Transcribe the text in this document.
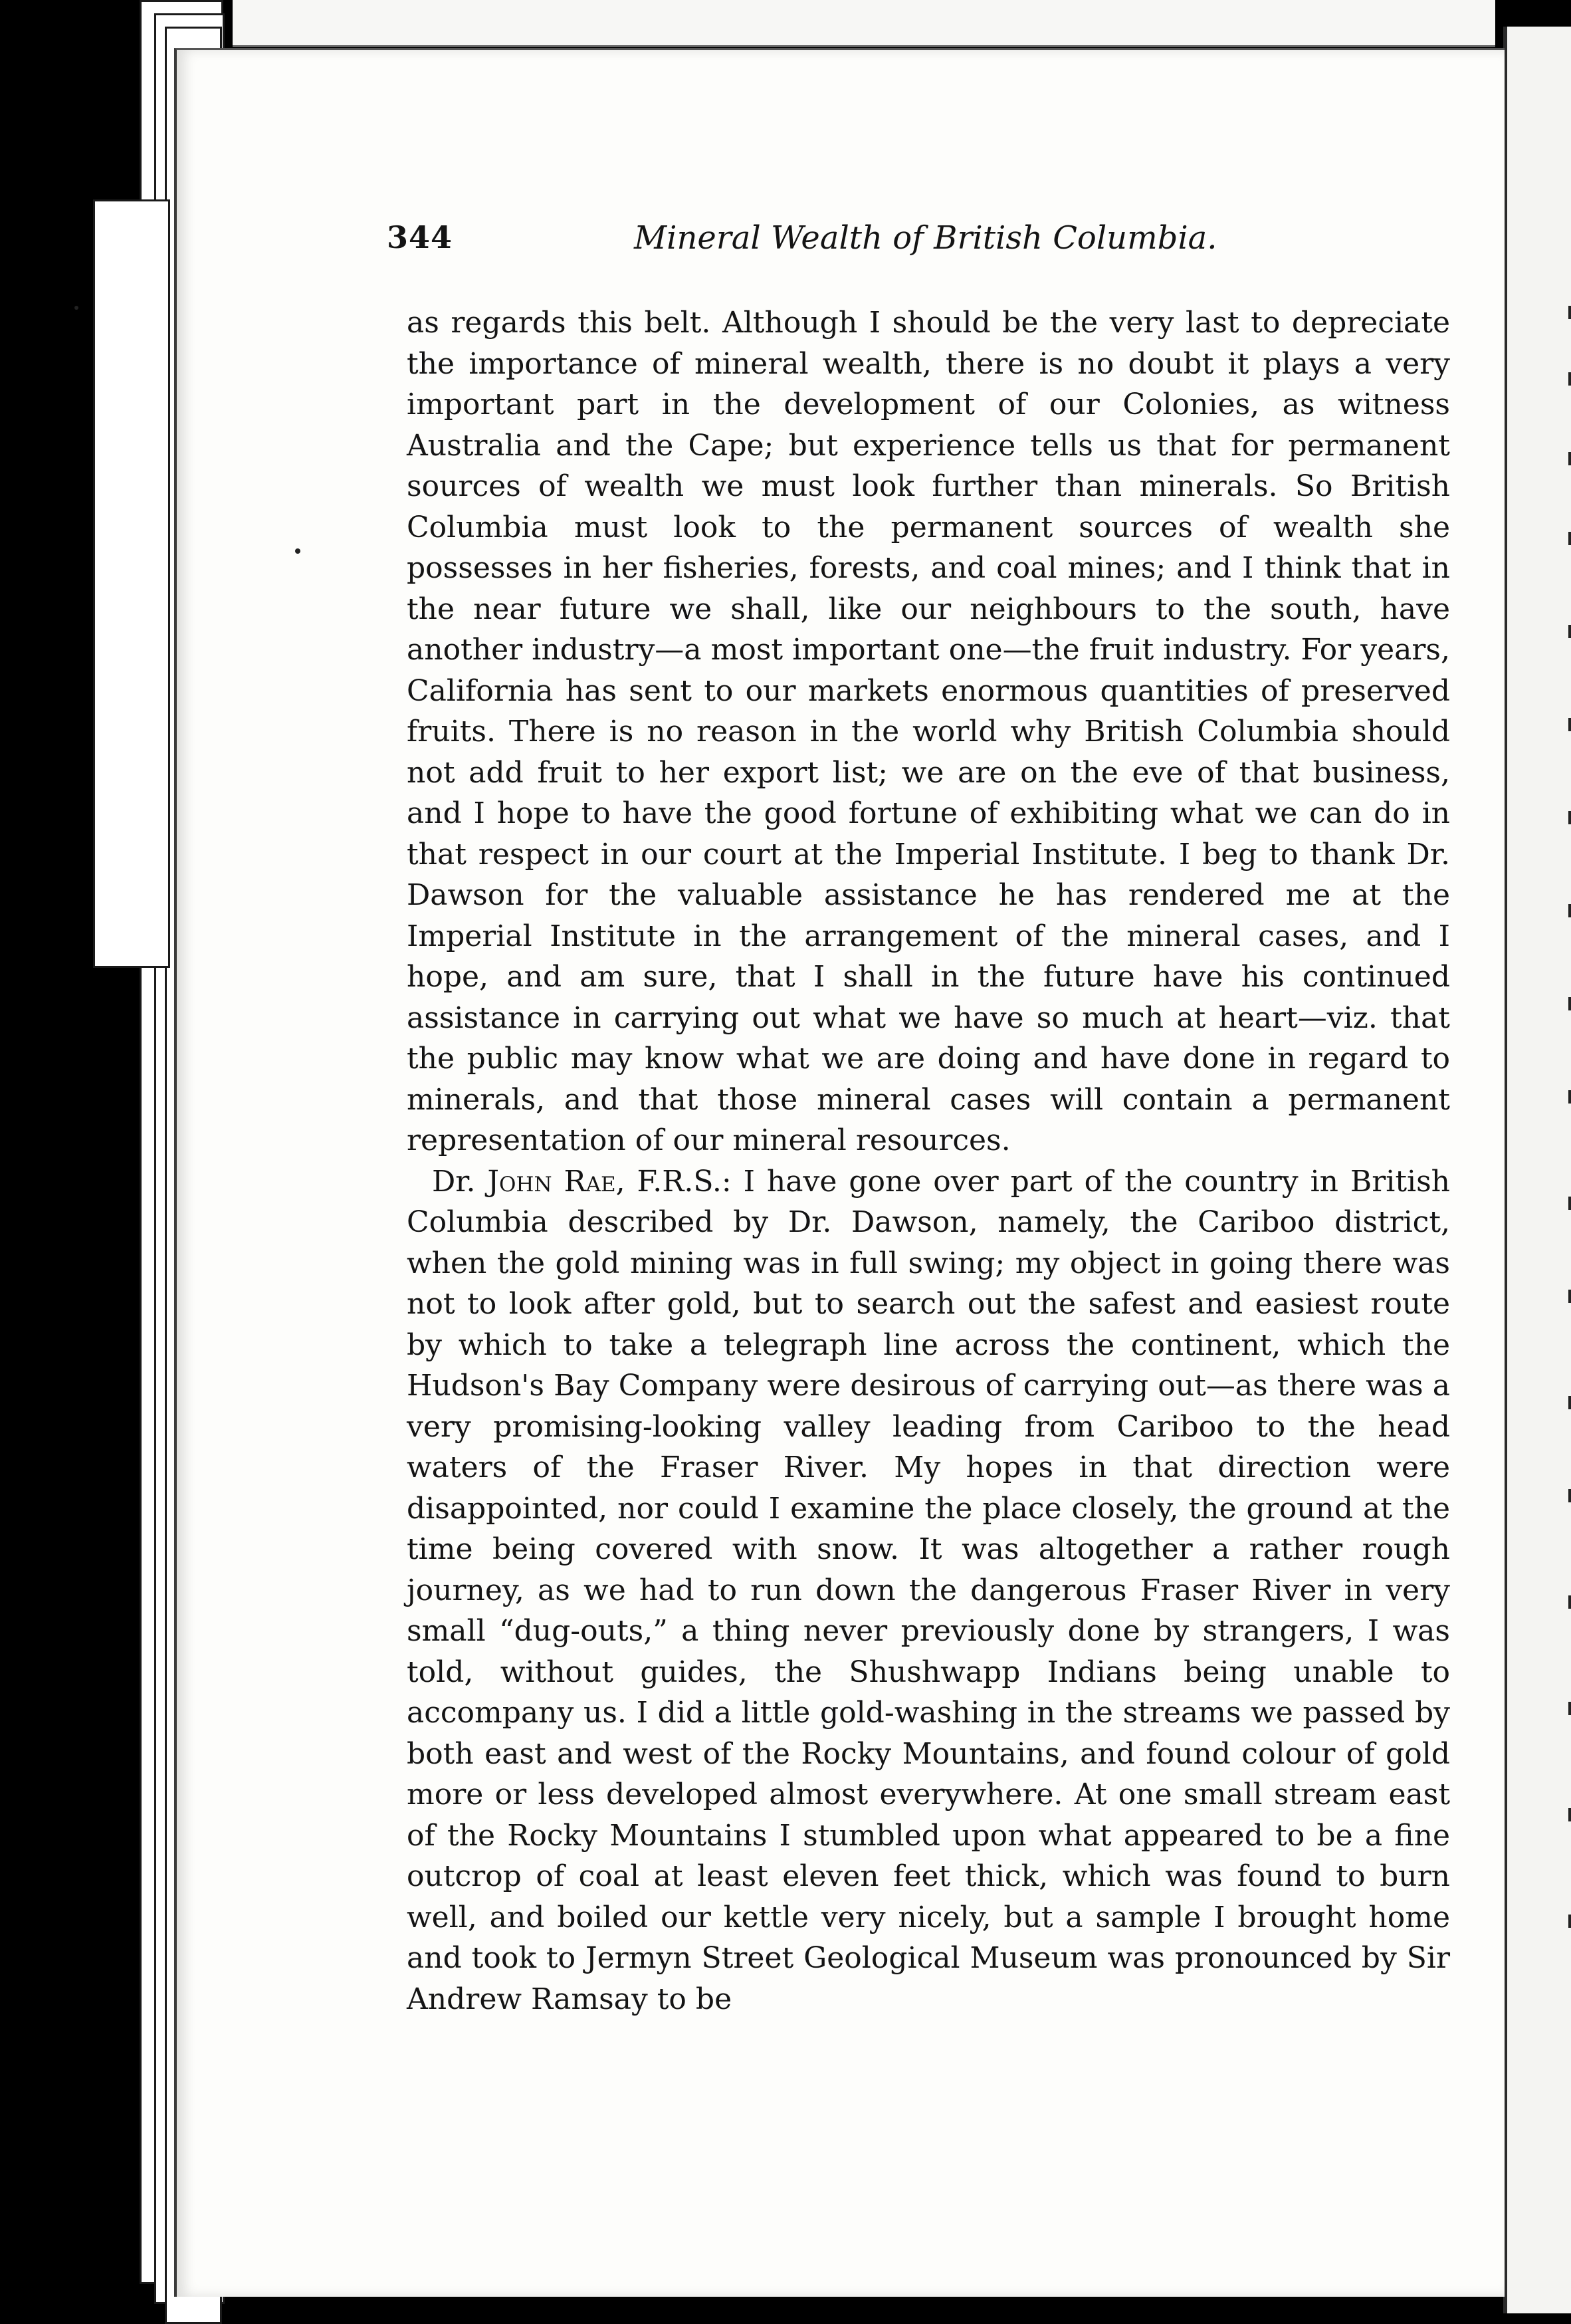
344	Mineral Wealth of British Columbia.

as regards this belt. Although I should be the very last to depreciate the importance of mineral wealth, there is no doubt it plays a very important part in the development of our Colonies, as witness Australia and the Cape; but experience tells us that for permanent sources of wealth we must look further than minerals. So British Columbia must look to the permanent sources of wealth she possesses in her fisheries, forests, and coal mines; and I think that in the near future we shall, like our neighbours to the south, have another industry—a most important one—the fruit industry. For years, California has sent to our markets enormous quantities of preserved fruits. There is no reason in the world why British Columbia should not add fruit to her export list; we are on the eve of that business, and I hope to have the good fortune of exhibiting what we can do in that respect in our court at the Imperial Institute. I beg to thank Dr. Dawson for the valuable assistance he has rendered me at the Imperial Institute in the arrangement of the mineral cases, and I hope, and am sure, that I shall in the future have his continued assistance in carrying out what we have so much at heart—viz. that the public may know what we are doing and have done in regard to minerals, and that those mineral cases will contain a permanent representation of our mineral resources.

Dr. John Rae, F.R.S.: I have gone over part of the country in British Columbia described by Dr. Dawson, namely, the Cariboo district, when the gold mining was in full swing; my object in going there was not to look after gold, but to search out the safest and easiest route by which to take a telegraph line across the continent, which the Hudson's Bay Company were desirous of carrying out—as there was a very promising-looking valley leading from Cariboo to the head waters of the Fraser River. My hopes in that direction were disappointed, nor could I examine the place closely, the ground at the time being covered with snow. It was altogether a rather rough journey, as we had to run down the dangerous Fraser River in very small “dug-outs,” a thing never previously done by strangers, I was told, without guides, the Shushwapp Indians being unable to accompany us. I did a little gold-washing in the streams we passed by both east and west of the Rocky Mountains, and found colour of gold more or less developed almost everywhere. At one small stream east of the Rocky Mountains I stumbled upon what appeared to be a fine outcrop of coal at least eleven feet thick, which was found to burn well, and boiled our kettle very nicely, but a sample I brought home and took to Jermyn Street Geological Museum was pronounced by Sir Andrew Ramsay to be
